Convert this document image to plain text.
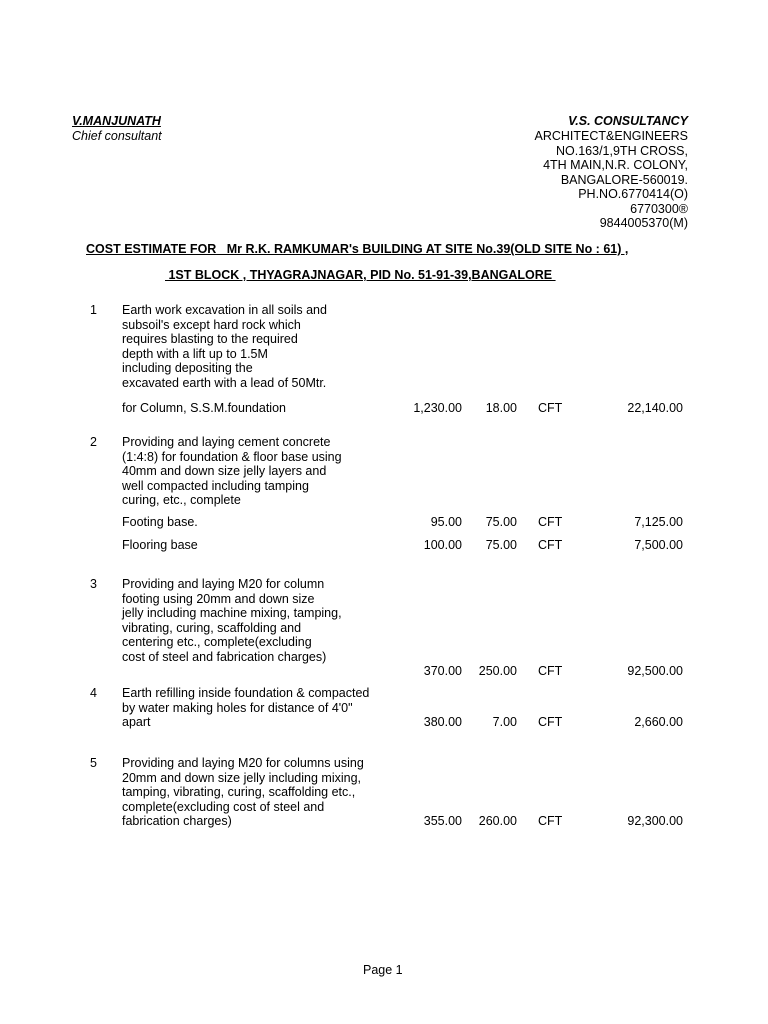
V.MANJUNATH
Chief consultant
V.S. CONSULTANCY
ARCHITECT&ENGINEERS
NO.163/1,9TH CROSS,
4TH MAIN,N.R. COLONY,
BANGALORE-560019.
PH.NO.6770414(O)
6770300®
9844005370(M)
COST ESTIMATE FOR   Mr R.K. RAMKUMAR's BUILDING AT SITE No.39(OLD SITE No : 61) ,
1ST BLOCK , THYAGRAJNAGAR, PID No. 51-91-39,BANGALORE
1 Earth work excavation in all soils and
subsoil's except hard rock which
requires blasting to the required
depth with a lift up to 1.5M
including depositing the
excavated earth with a lead of 50Mtr.
for Column, S.S.M.foundation	1,230.00 18.00 CFT	22,140.00
2 Providing and laying cement concrete
(1:4:8) for foundation & floor base using
40mm and down size jelly layers and
well compacted including tamping
curing, etc., complete
Footing base.	95.00 75.00 CFT	7,125.00
Flooring base	100.00 75.00 CFT	7,500.00
3 Providing and laying M20 for column
footing using 20mm and down size
jelly including machine mixing, tamping,
vibrating, curing, scaffolding and
centering etc., complete(excluding
cost of steel and fabrication charges)
370.00 250.00 CFT	92,500.00
4 Earth refilling inside foundation & compacted
by water making holes for distance of 4'0"
apart	380.00 7.00 CFT	2,660.00
5 Providing and laying M20 for columns using
20mm and down size jelly including mixing,
tamping, vibrating, curing, scaffolding etc.,
complete(excluding cost of steel and
fabrication charges)	355.00 260.00 CFT	92,300.00
Page 1
